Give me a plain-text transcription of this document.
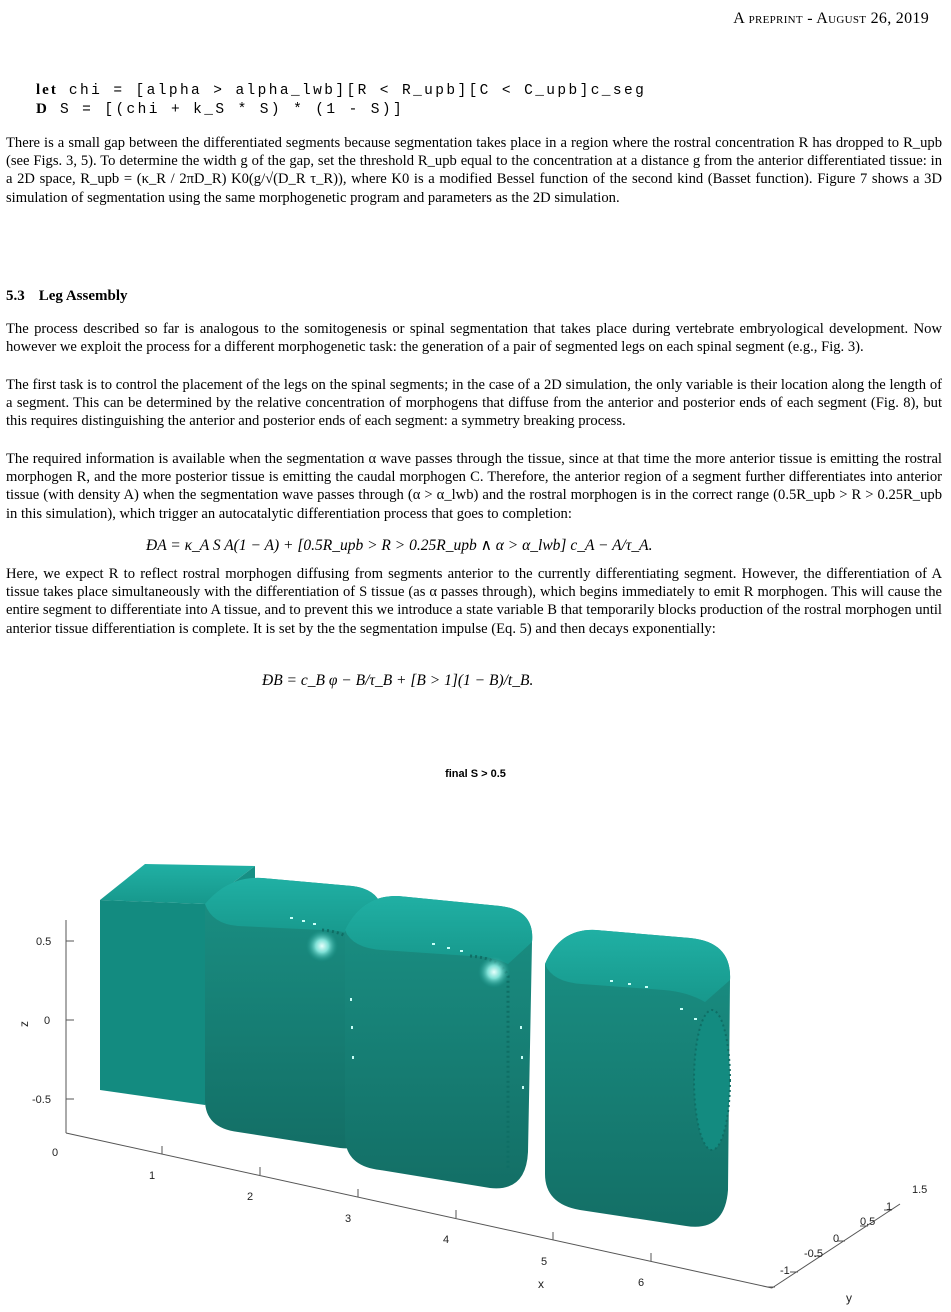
A preprint - August 26, 2019
let chi = [alpha > alpha_lwb][R < R_upb][C < C_upb]c_seg
D S = [(chi + k_S * S) * (1 - S)]

There is a small gap between the differentiated segments because segmentation takes place in a region where the rostral concentration R has dropped to R_upb (see Figs. 3, 5). To determine the width g of the gap, set the threshold R_upb equal to the concentration at a distance g from the anterior differentiated tissue: in a 2D space, R_upb = (κ_R / 2πD_R) K0(g/√(D_R τ_R)), where K0 is a modified Bessel function of the second kind (Basset function). Figure 7 shows a 3D simulation of segmentation using the same morphogenetic program and parameters as the 2D simulation.

5.3 Leg Assembly

The process described so far is analogous to the somitogenesis or spinal segmentation that takes place during vertebrate embryological development. Now however we exploit the process for a different morphogenetic task: the generation of a pair of segmented legs on each spinal segment (e.g., Fig. 3).

The first task is to control the placement of the legs on the spinal segments; in the case of a 2D simulation, the only variable is their location along the length of a segment. This can be determined by the relative concentration of morphogens that diffuse from the anterior and posterior ends of each segment (Fig. 8), but this requires distinguishing the anterior and posterior ends of each segment: a symmetry breaking process.

The required information is available when the segmentation α wave passes through the tissue, since at that time the more anterior tissue is emitting the rostral morphogen R, and the more posterior tissue is emitting the caudal morphogen C. Therefore, the anterior region of a segment further differentiates into anterior tissue (with density A) when the segmentation wave passes through (α > α_lwb) and the rostral morphogen is in the correct range (0.5R_upb > R > 0.25R_upb in this simulation), which trigger an autocatalytic differentiation process that goes to completion:

ÐA = κ_A S A(1 − A) + [0.5R_upb > R > 0.25R_upb ∧ α > α_lwb] c_A − A/τ_A.

Here, we expect R to reflect rostral morphogen diffusing from segments anterior to the currently differentiating segment. However, the differentiation of A tissue takes place simultaneously with the differentiation of S tissue (as α passes through), which begins immediately to emit R morphogen. This will cause the entire segment to differentiate into A tissue, and to prevent this we introduce a state variable B that temporarily blocks production of the rostral morphogen until anterior tissue differentiation is complete. It is set by the the segmentation impulse (Eq. 5) and then decays exponentially:

ÐB = c_B φ − B/τ_B + [B > 1](1 − B)/t_B.
final S > 0.5
0.5
0
-0.5
z
0
1
2
3
4
5
6
x
1.5
1
0.5
0
-0.5
-1
y
